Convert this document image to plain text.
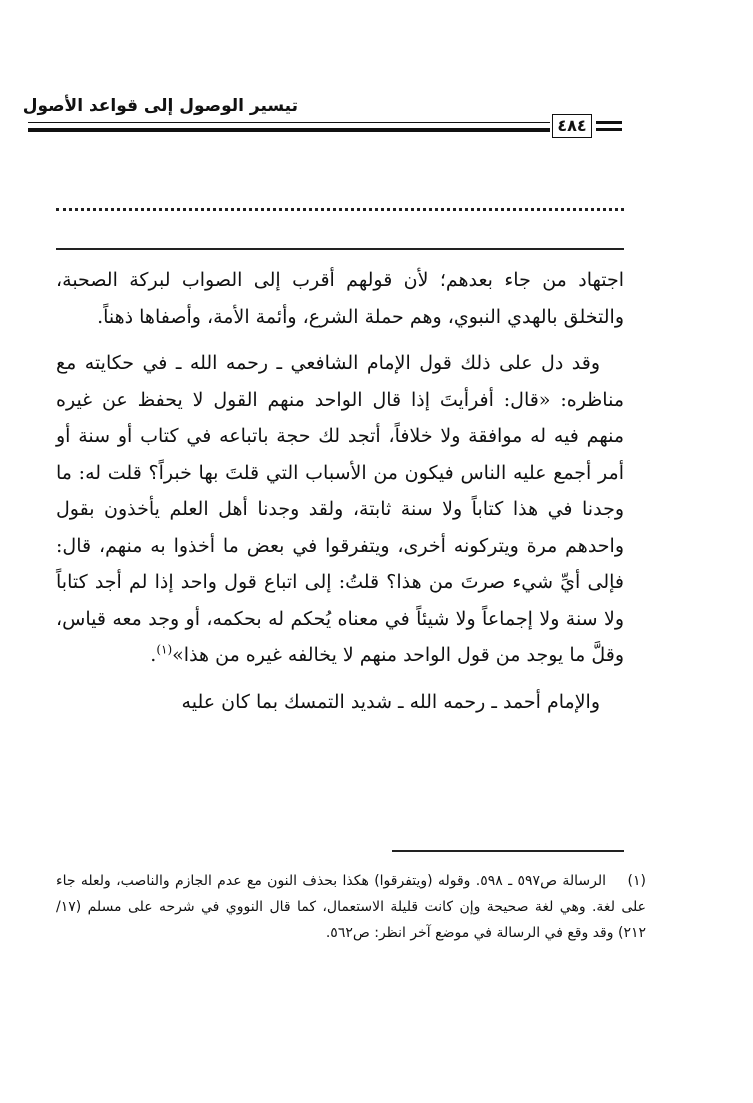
تيسير الوصول إلى قواعد الأصول
٤٨٤

اجتهاد من جاء بعدهم؛ لأن قولهم أقرب إلى الصواب لبركة الصحبة، والتخلق بالهدي النبوي، وهم حملة الشرع، وأئمة الأمة، وأصفاها ذهناً.

وقد دل على ذلك قول الإمام الشافعي ـ رحمه الله ـ في حكايته مع مناظره: «قال: أفرأيتَ إذا قال الواحد منهم القول لا يحفظ عن غيره منهم فيه له موافقة ولا خلافاً، أتجد لك حجة باتباعه في كتاب أو سنة أو أمر أجمع عليه الناس فيكون من الأسباب التي قلتَ بها خبراً؟ قلت له: ما وجدنا في هذا كتاباً ولا سنة ثابتة، ولقد وجدنا أهل العلم يأخذون بقول واحدهم مرة ويتركونه أخرى، ويتفرقوا في بعض ما أخذوا به منهم، قال: فإلى أيِّ شيء صرتَ من هذا؟ قلتُ: إلى اتباع قول واحد إذا لم أجد كتاباً ولا سنة ولا إجماعاً ولا شيئاً في معناه يُحكم له بحكمه، أو وجد معه قياس، وقلَّ ما يوجد من قول الواحد منهم لا يخالفه غيره من هذا»$^{(١)}$.

والإمام أحمد ـ رحمه الله ـ شديد التمسك بما كان عليه

(١)الرسالة ص٥٩٧ ـ ٥٩٨. وقوله (ويتفرقوا) هكذا بحذف النون مع عدم الجازم والناصب، ولعله جاء على لغة. وهي لغة صحيحة وإن كانت قليلة الاستعمال، كما قال النووي في شرحه على مسلم (١٧/ ٢١٢) وقد وقع في الرسالة في موضع آخر انظر: ص٥٦٢.
